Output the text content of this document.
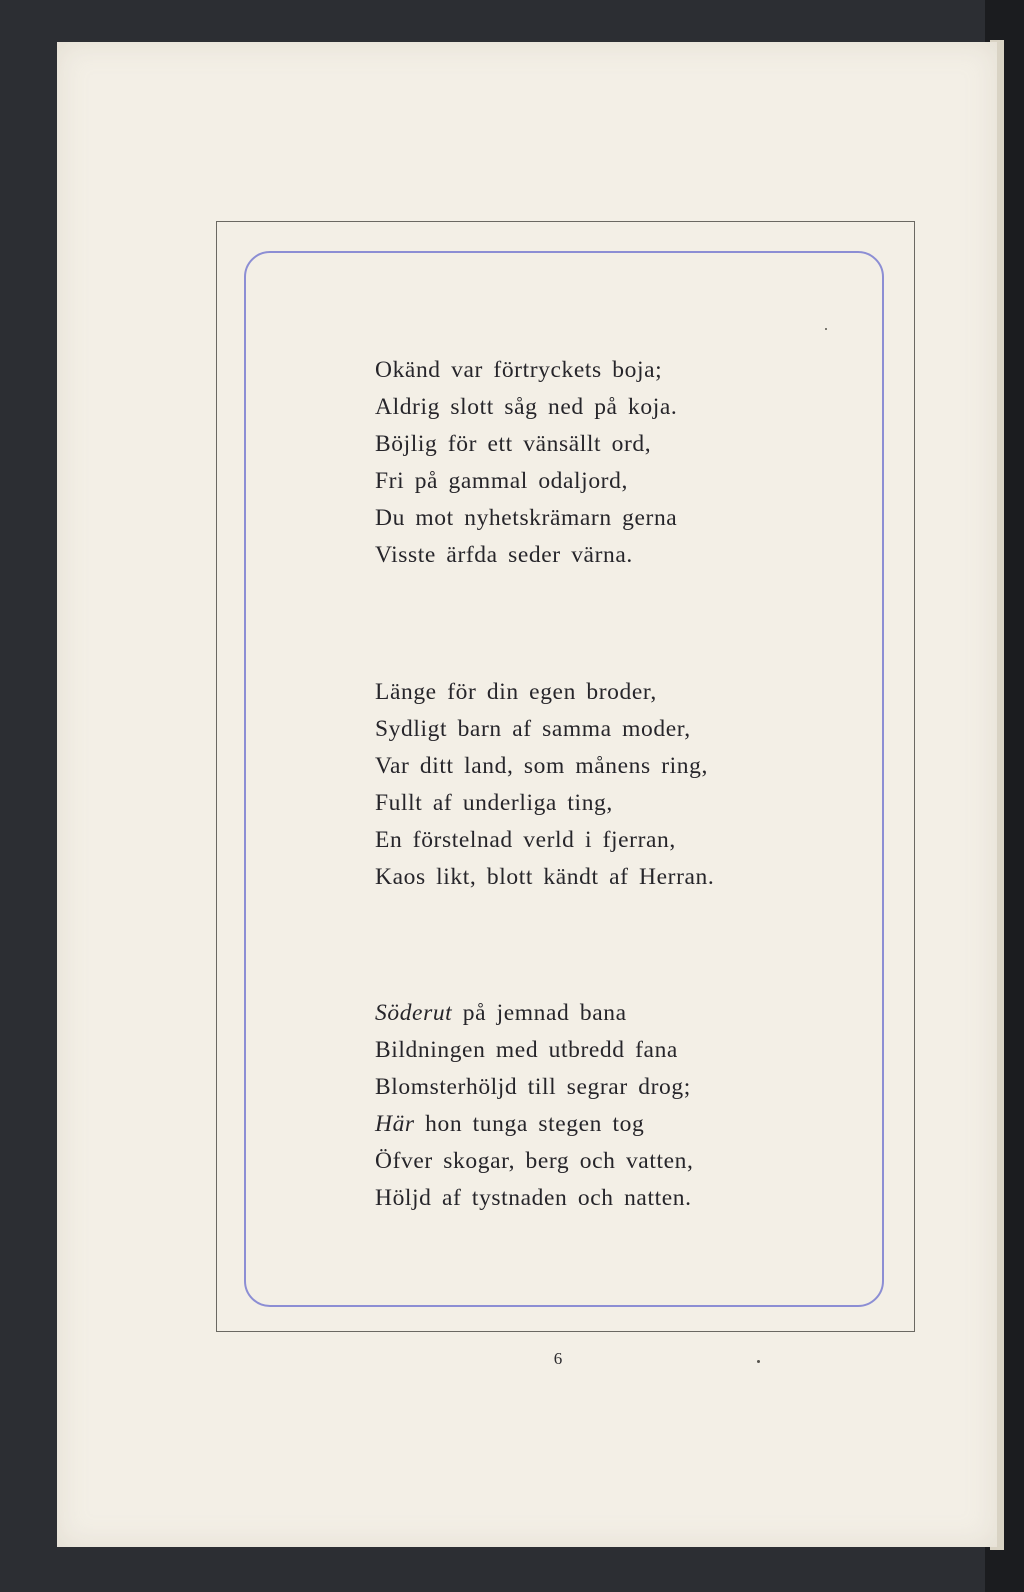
Okänd var förtryckets boja;
Aldrig slott såg ned på koja.
Böjlig för ett vänsällt ord,
Fri på gammal odaljord,
Du mot nyhetskrämarn gerna
Visste ärfda seder värna.
Länge för din egen broder,
Sydligt barn af samma moder,
Var ditt land, som månens ring,
Fullt af underliga ting,
En förstelnad verld i fjerran,
Kaos likt, blott kändt af Herran.
Söderut på jemnad bana
Bildningen med utbredd fana
Blomsterhöljd till segrar drog;
Här hon tunga stegen tog
Öfver skogar, berg och vatten,
Höljd af tystnaden och natten.
6
